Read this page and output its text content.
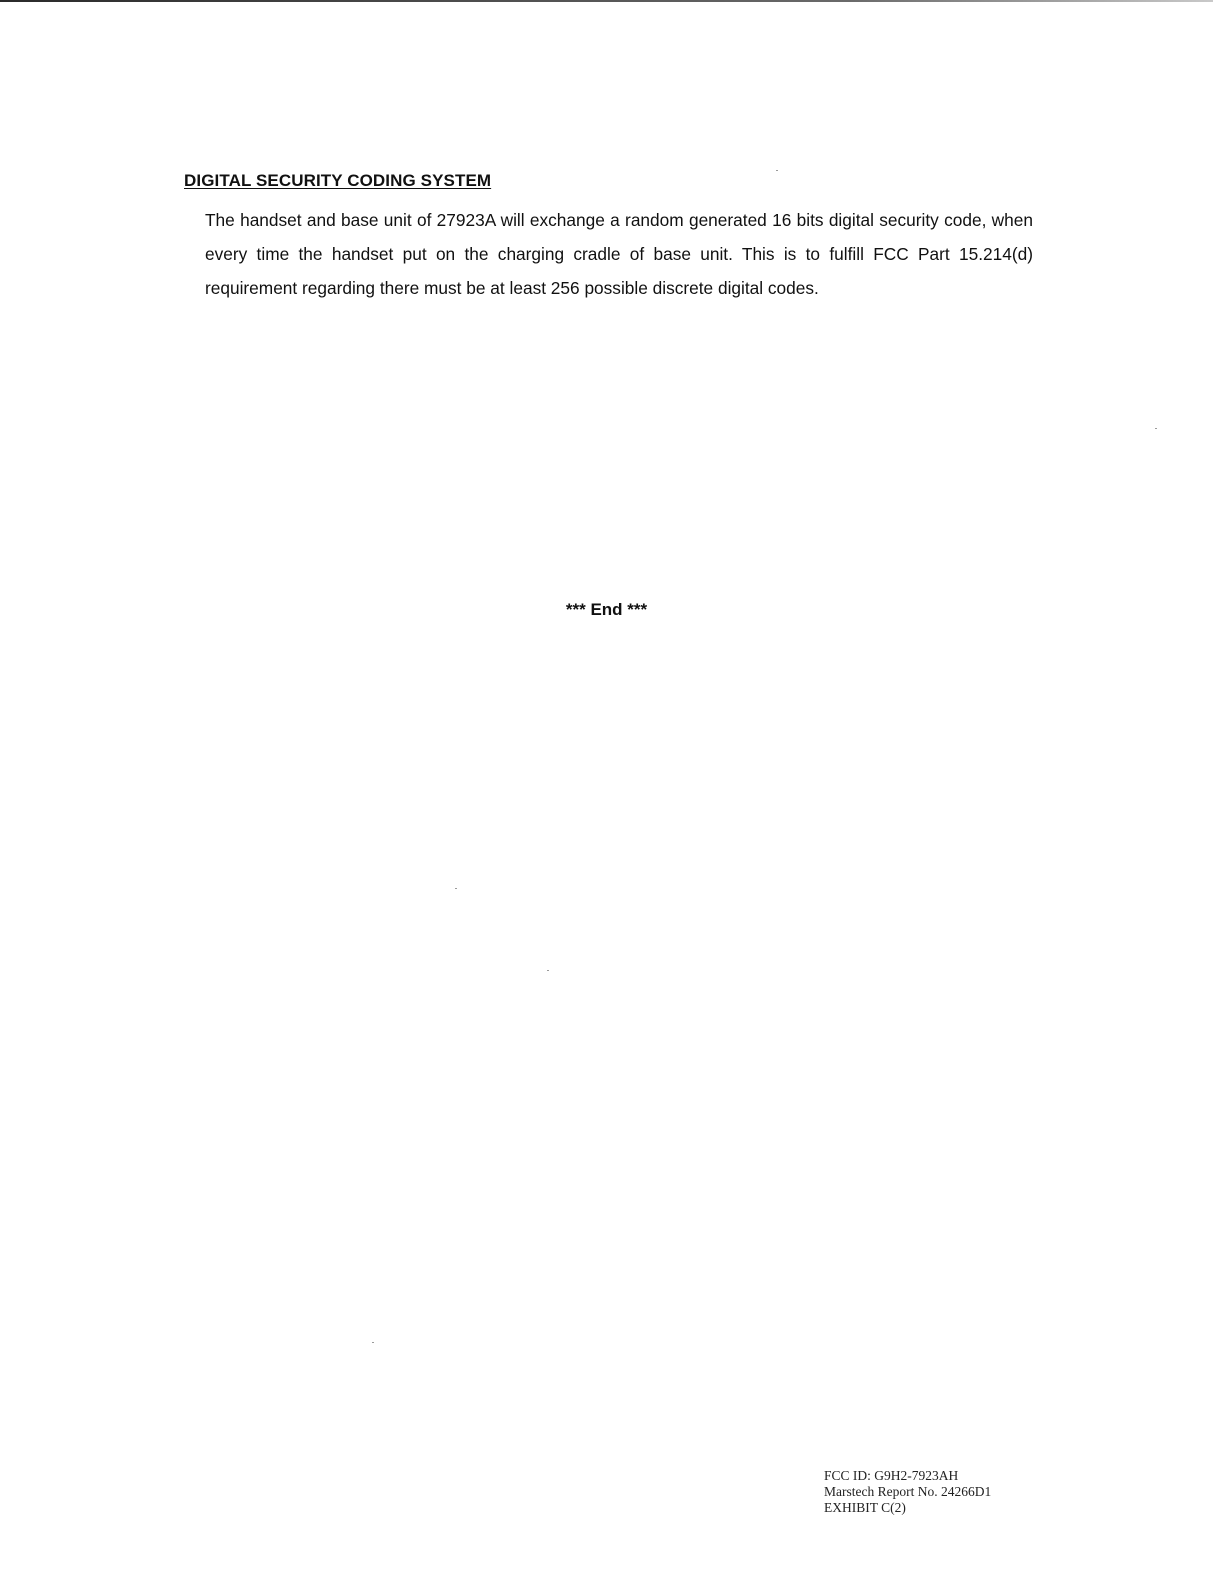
DIGITAL SECURITY CODING SYSTEM

The handset and base unit of 27923A will exchange a random generated 16 bits digital security code, when every time the handset put on the charging cradle of base unit. This is to fulfill FCC Part 15.214(d) requirement regarding there must be at least 256 possible discrete digital codes.

*** End ***
FCC ID: G9H2-7923AH
Marstech Report No. 24266D1
EXHIBIT C(2)
